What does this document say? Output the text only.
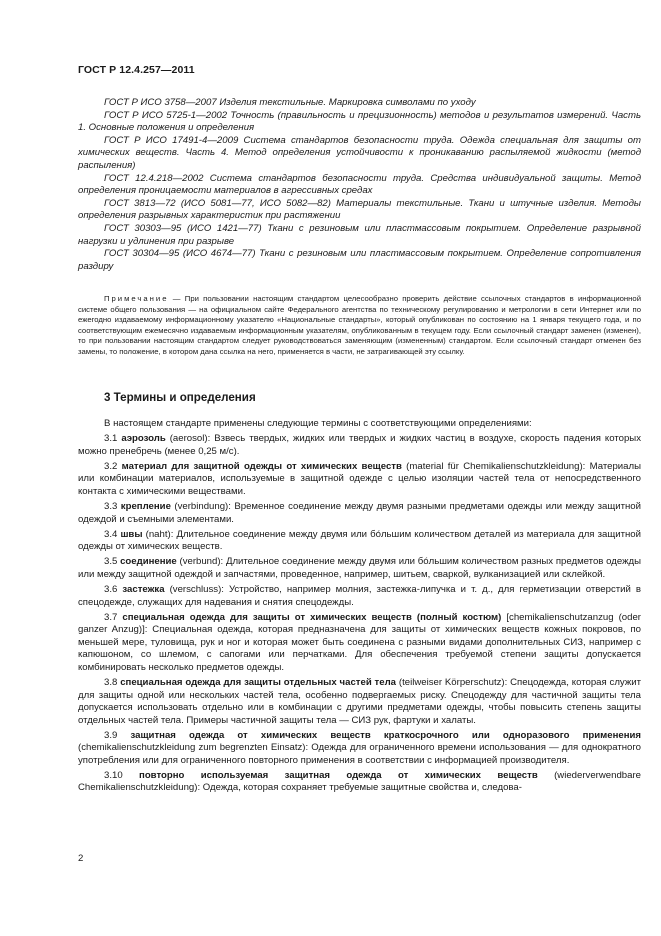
ГОСТ Р 12.4.257—2011

ГОСТ Р ИСО 3758—2007 Изделия текстильные. Маркировка символами по уходу

ГОСТ Р ИСО 5725-1—2002 Точность (правильность и прецизионность) методов и результатов измерений. Часть 1. Основные положения и определения

ГОСТ Р ИСО 17491-4—2009 Система стандартов безопасности труда. Одежда специальная для защиты от химических веществ. Часть 4. Метод определения устойчивости к проникаванию распыляемой жидкости (метод распыления)

ГОСТ 12.4.218—2002 Система стандартов безопасности труда. Средства индивидуальной защиты. Метод определения проницаемости материалов в агрессивных средах

ГОСТ 3813—72 (ИСО 5081—77, ИСО 5082—82) Материалы текстильные. Ткани и штучные изделия. Методы определения разрывных характеристик при растяжении

ГОСТ 30303—95 (ИСО 1421—77) Ткани с резиновым или пластмассовым покрытием. Определение разрывной нагрузки и удлинения при разрыве

ГОСТ 30304—95 (ИСО 4674—77) Ткани с резиновым или пластмассовым покрытием. Определение сопротивления раздиру

Примечание — При пользовании настоящим стандартом целесообразно проверить действие ссылочных стандартов в информационной системе общего пользования — на официальном сайте Федерального агентства по техническому регулированию и метрологии в сети Интернет или по ежегодно издаваемому информационному указателю «Национальные стандарты», который опубликован по состоянию на 1 января текущего года, и по соответствующим ежемесячно издаваемым информационным указателям, опубликованным в текущем году. Если ссылочный стандарт заменен (изменен), то при пользовании настоящим стандартом следует руководствоваться заменяющим (измененным) стандартом. Если ссылочный стандарт отменен без замены, то положение, в котором дана ссылка на него, применяется в части, не затрагивающей эту ссылку.

3 Термины и определения

В настоящем стандарте применены следующие термины с соответствующими определениями:

3.1 аэрозоль (aerosol): Взвесь твердых, жидких или твердых и жидких частиц в воздухе, скорость падения которых можно пренебречь (менее 0,25 м/с).

3.2 материал для защитной одежды от химических веществ (material für Chemikalienschutzkleidung): Материалы или комбинации материалов, используемые в защитной одежде с целью изоляции частей тела от непосредственного контакта с химическими веществами.

3.3 крепление (verbindung): Временное соединение между двумя разными предметами одежды или между защитной одеждой и съемными элементами.

3.4 швы (naht): Длительное соединение между двумя или бóльшим количеством деталей из материала для защитной одежды от химических веществ.

3.5 соединение (verbund): Длительное соединение между двумя или бóльшим количеством разных предметов одежды или между защитной одеждой и запчастями, проведенное, например, шитьем, сваркой, вулканизацией или склейкой.

3.6 застежка (verschluss): Устройство, например молния, застежка-липучка и т. д., для герметизации отверстий в спецодежде, служащих для надевания и снятия спецодежды.

3.7 специальная одежда для защиты от химических веществ (полный костюм) [chemikalienschutzanzug (oder ganzer Anzug)]: Специальная одежда, которая предназначена для защиты от химических веществ кожных покровов, по меньшей мере, туловища, рук и ног и которая может быть соединена с разными видами дополнительных СИЗ, например с капюшоном, со шлемом, с сапогами или перчатками. Для обеспечения требуемой степени защиты допускается комбинировать несколько предметов одежды.

3.8 специальная одежда для защиты отдельных частей тела (teilweiser Körperschutz): Спецодежда, которая служит для защиты одной или нескольких частей тела, особенно подвергаемых риску. Спецодежду для частичной защиты тела допускается использовать отдельно или в комбинации с другими предметами одежды, чтобы повысить степень защиты отдельных частей тела. Примеры частичной защиты тела — СИЗ рук, фартуки и халаты.

3.9 защитная одежда от химических веществ краткосрочного или одноразового применения (chemikalienschutzkleidung zum begrenzten Einsatz): Одежда для ограниченного времени использования — для однократного употребления или для ограниченного повторного применения в соответствии с информацией производителя.

3.10 повторно используемая защитная одежда от химических веществ (wiederverwendbare Chemikalienschutzkleidung): Одежда, которая сохраняет требуемые защитные свойства и, следова-

2
